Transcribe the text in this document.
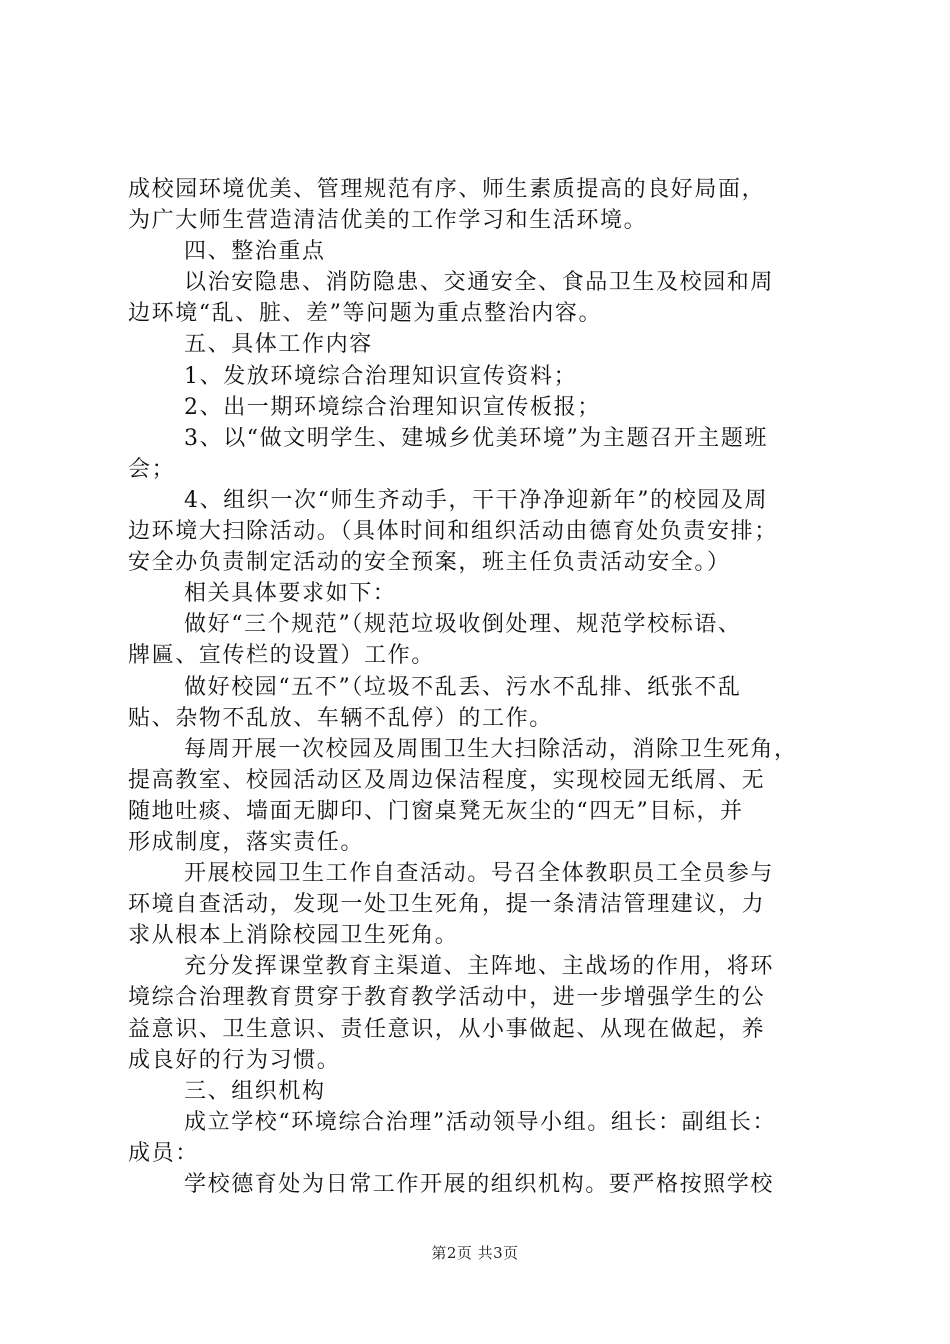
成校园环境优美、管理规范有序、师生素质提高的良好局面，
为广大师生营造清洁优美的工作学习和生活环境。
四、整治重点
以治安隐患、消防隐患、交通安全、食品卫生及校园和周
边环境“乱、脏、差”等问题为重点整治内容。
五、具体工作内容
1、发放环境综合治理知识宣传资料；
2、出一期环境综合治理知识宣传板报；
3、以“做文明学生、建城乡优美环境”为主题召开主题班
会；
4、组织一次“师生齐动手，干干净净迎新年”的校园及周
边环境大扫除活动。（具体时间和组织活动由德育处负责安排；
安全办负责制定活动的安全预案，班主任负责活动安全。）
相关具体要求如下：
做好“三个规范”（规范垃圾收倒处理、规范学校标语、
牌匾、宣传栏的设置）工作。
做好校园“五不”（垃圾不乱丢、污水不乱排、纸张不乱
贴、杂物不乱放、车辆不乱停）的工作。
每周开展一次校园及周围卫生大扫除活动，消除卫生死角，
提高教室、校园活动区及周边保洁程度，实现校园无纸屑、无
随地吐痰、墙面无脚印、门窗桌凳无灰尘的“四无”目标，并
形成制度，落实责任。
开展校园卫生工作自查活动。号召全体教职员工全员参与
环境自查活动，发现一处卫生死角，提一条清洁管理建议，力
求从根本上消除校园卫生死角。
充分发挥课堂教育主渠道、主阵地、主战场的作用，将环
境综合治理教育贯穿于教育教学活动中，进一步增强学生的公
益意识、卫生意识、责任意识，从小事做起、从现在做起，养
成良好的行为习惯。
三、组织机构
成立学校“环境综合治理”活动领导小组。组长：副组长：
成员：
学校德育处为日常工作开展的组织机构。要严格按照学校
第2页 共3页
